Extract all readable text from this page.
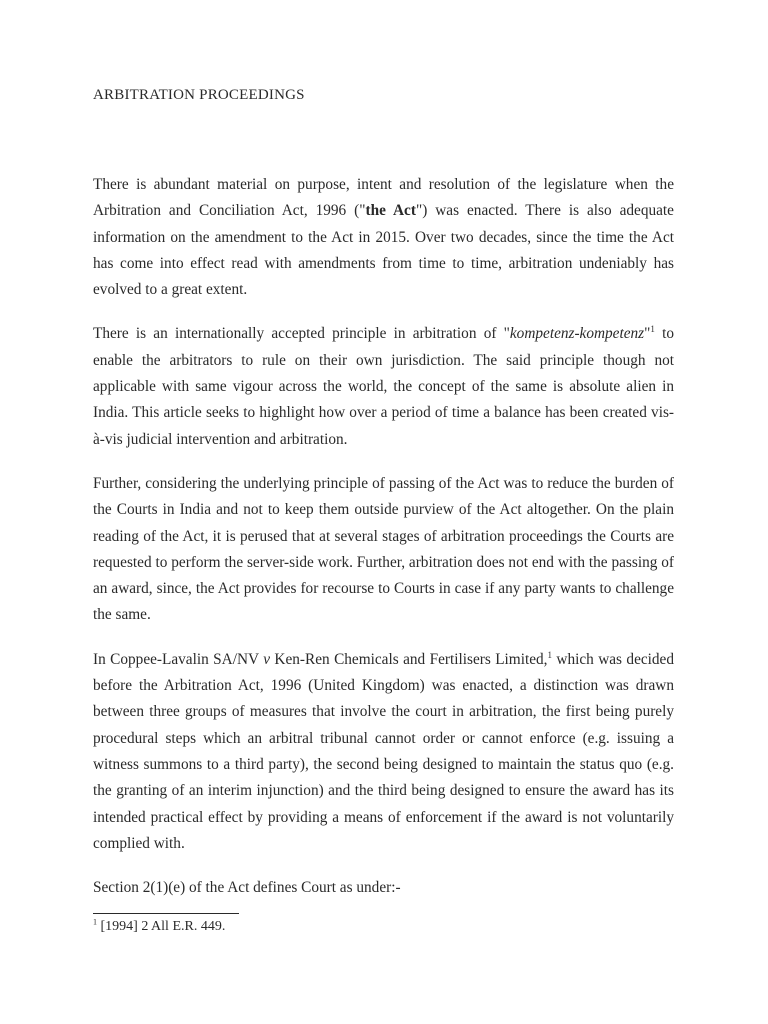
ARBITRATION PROCEEDINGS

There is abundant material on purpose, intent and resolution of the legislature when the Arbitration and Conciliation Act, 1996 ("the Act") was enacted. There is also adequate information on the amendment to the Act in 2015. Over two decades, since the time the Act has come into effect read with amendments from time to time, arbitration undeniably has evolved to a great extent.

There is an internationally accepted principle in arbitration of "kompetenz-kompetenz"$^1$ to enable the arbitrators to rule on their own jurisdiction. The said principle though not applicable with same vigour across the world, the concept of the same is absolute alien in India. This article seeks to highlight how over a period of time a balance has been created vis-à-vis judicial intervention and arbitration.

Further, considering the underlying principle of passing of the Act was to reduce the burden of the Courts in India and not to keep them outside purview of the Act altogether. On the plain reading of the Act, it is perused that at several stages of arbitration proceedings the Courts are requested to perform the server-side work. Further, arbitration does not end with the passing of an award, since, the Act provides for recourse to Courts in case if any party wants to challenge the same.

In Coppee-Lavalin SA/NV v Ken-Ren Chemicals and Fertilisers Limited,$^1$ which was decided before the Arbitration Act, 1996 (United Kingdom) was enacted, a distinction was drawn between three groups of measures that involve the court in arbitration, the first being purely procedural steps which an arbitral tribunal cannot order or cannot enforce (e.g. issuing a witness summons to a third party), the second being designed to maintain the status quo (e.g. the granting of an interim injunction) and the third being designed to ensure the award has its intended practical effect by providing a means of enforcement if the award is not voluntarily complied with.

Section 2(1)(e) of the Act defines Court as under:-

$^1$ [1994] 2 All E.R. 449.
